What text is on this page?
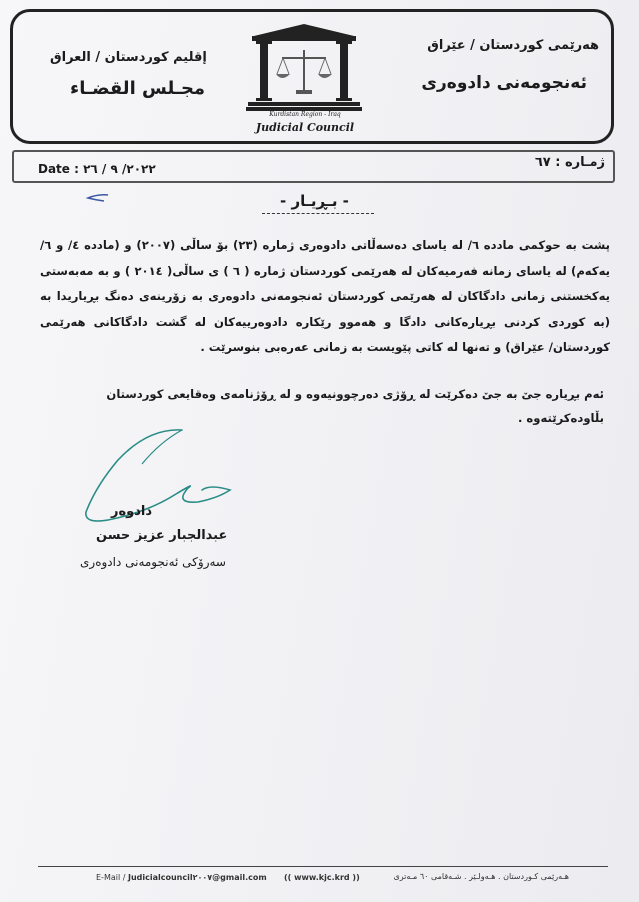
هەرێمی کوردستان / عێراق
ئەنجومەنی دادوەری
إقليم كوردستان / العراق
مجـلس القضـاء
Kurdistan Region - Iraq
Judicial Council
ژمـاره : ٦٧
Date : ٢٠٢٢/ ٩ / ٢٦
- بـڕیـار -
پشت بە حوکمی مادده ٦/ لە یاسای دەسەڵاتی دادوەری ژمارە (٢٣) بۆ ساڵی (٢٠٠٧) و (مادده ٤/ و ٦/یەکەم) لە یاسای زمانە فەرمیەکان لە هەرێمی کوردستان ژمارە ( ٦ ) ی ساڵی( ٢٠١٤ ) و بە مەبەستی یەکخستنی زمانی دادگاکان لە هەرێمی کوردستان ئەنجومەنی دادوەری بە زۆرینەی دەنگ بڕیاریدا بە (بە کوردی کردنی بڕیارەکانی دادگا و هەموو رێکارە دادوەرییەکان لە گشت دادگاکانی هەرێمی کوردستان/ عێراق) و تەنها لە کاتی پێویست بە زمانی عەرەبی بنوسرێت .
ئەم بڕیارە جێ بە جێ دەکرێت لە ڕۆژی دەرچوونیەوە و لە ڕۆژنامەی وەقایعی کوردستان بڵاودەکرێتەوە .
دادوەر
عبدالجبار عزيز حسن
سەرۆکی ئەنجومەنی دادوەری
هـەرێمی کـوردستان . هـەولـێر . شـەقامی ٦٠ مـەتری
(( www.kjc.krd ))
E-Mail / Judicialcouncil٢٠٠٧@gmail.com
